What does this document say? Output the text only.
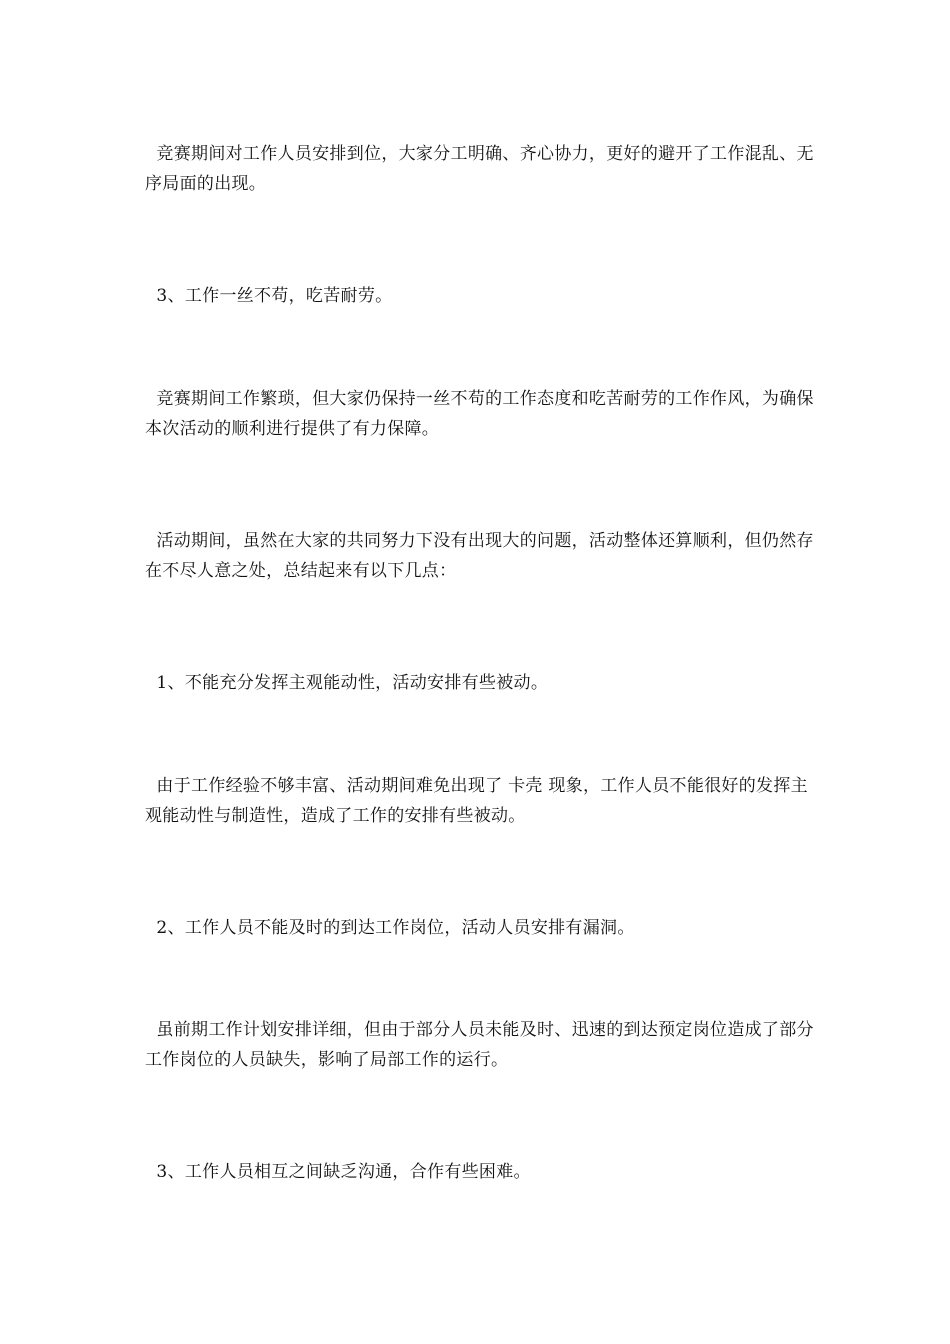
竞赛期间对工作人员安排到位，大家分工明确、齐心协力，更好的避开了工作混乱、无序局面的出现。

3、工作一丝不苟，吃苦耐劳。

竞赛期间工作繁琐，但大家仍保持一丝不苟的工作态度和吃苦耐劳的工作作风，为确保本次活动的顺利进行提供了有力保障。

活动期间，虽然在大家的共同努力下没有出现大的问题，活动整体还算顺利，但仍然存在不尽人意之处，总结起来有以下几点：

1、不能充分发挥主观能动性，活动安排有些被动。

由于工作经验不够丰富、活动期间难免出现了 卡壳 现象，工作人员不能很好的发挥主观能动性与制造性，造成了工作的安排有些被动。

2、工作人员不能及时的到达工作岗位，活动人员安排有漏洞。

虽前期工作计划安排详细，但由于部分人员未能及时、迅速的到达预定岗位造成了部分工作岗位的人员缺失，影响了局部工作的运行。

3、工作人员相互之间缺乏沟通，合作有些困难。
